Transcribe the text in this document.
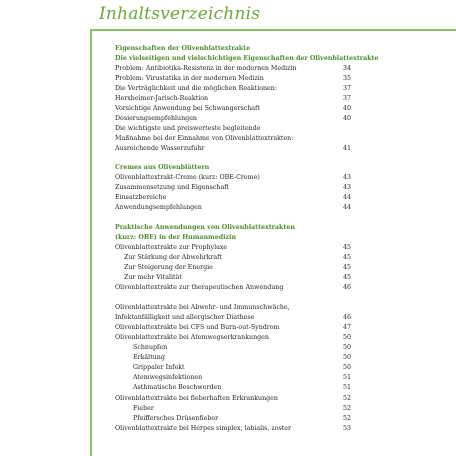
Inhaltsverzeichnis
Eigenschaften der Olivenblattextrakte
Die vielseitigen und vielschichtigen Eigenschaften der Olivenblattextrakte
Problem: Antibiotika-Resistenz in der modernen Medizin	34
Problem: Virustatika in der modernen Medizin	35
Die Verträglichkeit und die möglichen Reaktionen:	37
Herxheimer-Jarisch-Reaktion	37
Vorsichtige Anwendung bei Schwangerschaft	40
Dosierungsempfehlungen	40
Die wichtigste und preiswerteste begleitende
Maßnahme bei der Einnahme von Olivenblattextrakten:
Ausreichende Wasserzufuhr	41
Cremes aus Olivenblättern
Olivenblattextrakt-Creme (kurz: OBE-Creme)	43
Zusammensetzung und Eigenschaft	43
Einsatzbereiche	44
Anwendungsempfehlungen	44
Praktische Anwendungen von Olivenblattextrakten
(kurz: OBE) in der Humanmedizin
Olivenblattextrakte zur Prophylaxe	45
Zur Stärkung der Abwehrkraft	45
Zur Steigerung der Energie	45
Zur mehr Vitalität	45
Olivenblattextrakte zur therapeutischen Anwendung	46
Olivenblattextrakte bei Abwehr- und Immunschwäche,
Infektanfälligkeit und allergischer Diathese	46
Olivenblattextrakte bei CFS und Burn-out-Syndrom	47
Olivenblattextrakte bei Atemwegserkrankungen	50
Schnupfen	50
Erkältung	50
Grippaler Infekt	50
Atemwegsinfektionen	51
Asthmatische Beschwerden	51
Olivenblattextrakte bei fieberhaften Erkrankungen	52
Fieber	52
Pfeiffersches Drüsenfieber	52
Olivenblattextrakte bei Herpes simplex, labialis, zoster	53
